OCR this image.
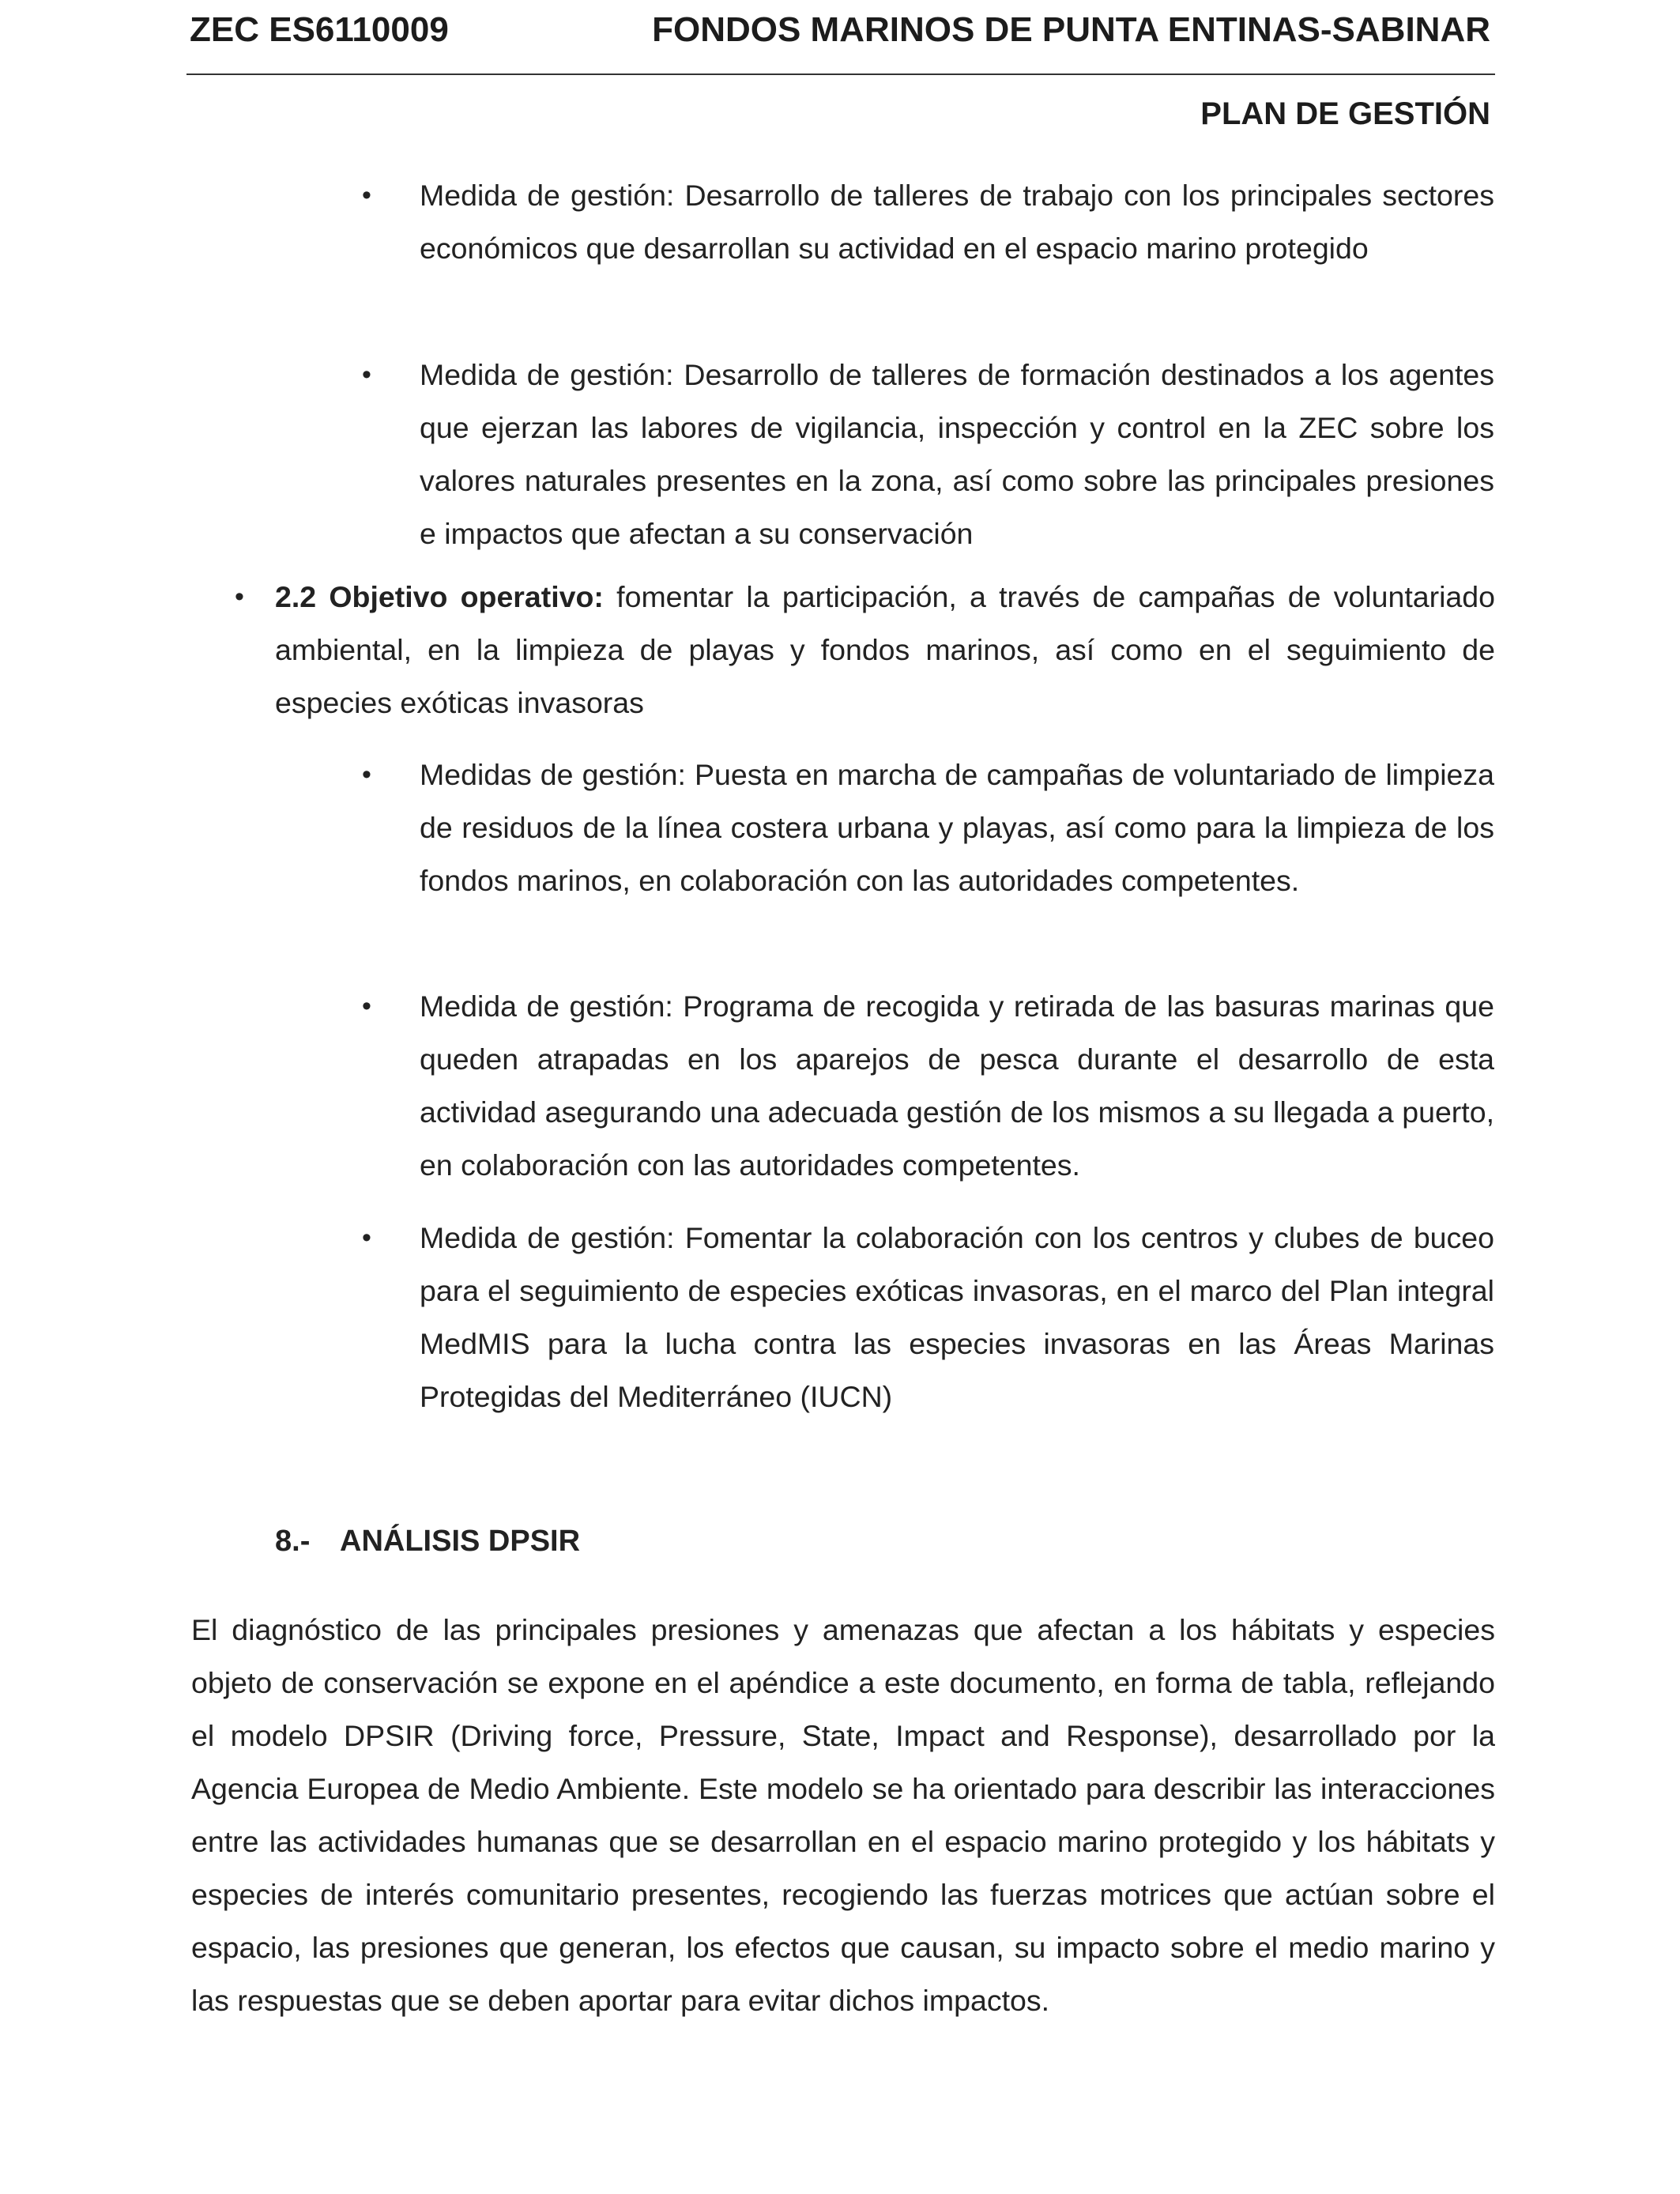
ZEC ES6110009	FONDOS MARINOS DE PUNTA ENTINAS-SABINAR
PLAN DE GESTIÓN
• Medida de gestión: Desarrollo de talleres de trabajo con los principales sectores económicos que desarrollan su actividad en el espacio marino protegido
• Medida de gestión: Desarrollo de talleres de formación destinados a los agentes que ejerzan las labores de vigilancia, inspección y control en la ZEC sobre los valores naturales presentes en la zona, así como sobre las principales presiones e impactos que afectan a su conservación
• 2.2 Objetivo operativo: fomentar la participación, a través de campañas de voluntariado ambiental, en la limpieza de playas y fondos marinos, así como en el seguimiento de especies exóticas invasoras
• Medidas de gestión: Puesta en marcha de campañas de voluntariado de limpieza de residuos de la línea costera urbana y playas, así como para la limpieza de los fondos marinos, en colaboración con las autoridades competentes.
• Medida de gestión: Programa de recogida y retirada de las basuras marinas que queden atrapadas en los aparejos de pesca durante el desarrollo de esta actividad asegurando una adecuada gestión de los mismos a su llegada a puerto, en colaboración con las autoridades competentes.
• Medida de gestión: Fomentar la colaboración con los centros y clubes de buceo para el seguimiento de especies exóticas invasoras, en el marco del Plan integral MedMIS para la lucha contra las especies invasoras en las Áreas Marinas Protegidas del Mediterráneo (IUCN)
8.- ANÁLISIS DPSIR
El diagnóstico de las principales presiones y amenazas que afectan a los hábitats y especies objeto de conservación se expone en el apéndice a este documento, en forma de tabla, reflejando el modelo DPSIR (Driving force, Pressure, State, Impact and Response), desarrollado por la Agencia Europea de Medio Ambiente. Este modelo se ha orientado para describir las interacciones entre las actividades humanas que se desarrollan en el espacio marino protegido y los hábitats y especies de interés comunitario presentes, recogiendo las fuerzas motrices que actúan sobre el espacio, las presiones que generan, los efectos que causan, su impacto sobre el medio marino y las respuestas que se deben aportar para evitar dichos impactos.
